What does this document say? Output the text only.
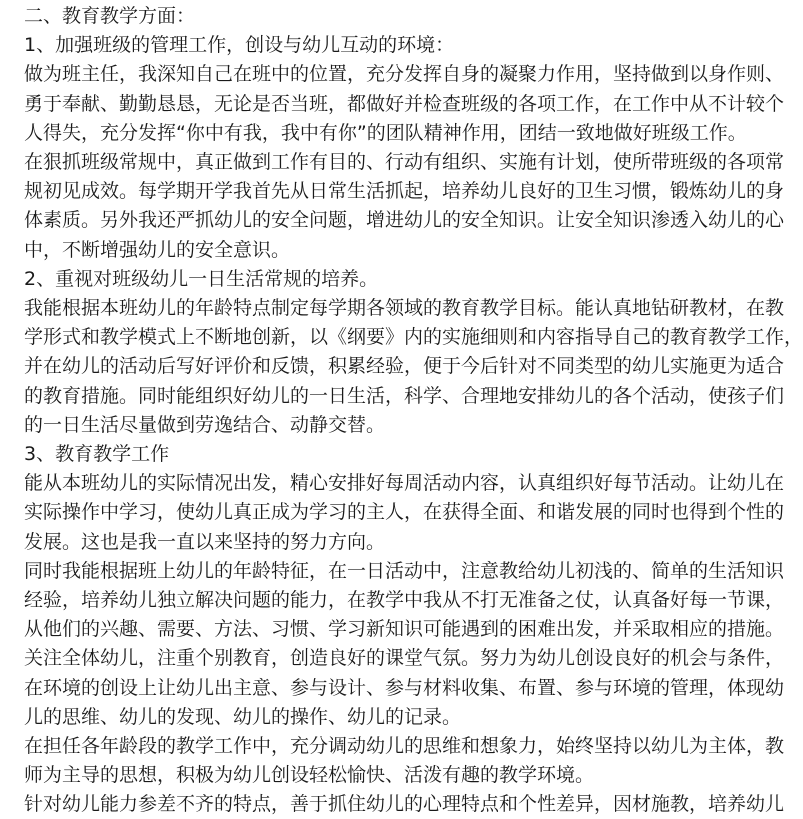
二、教育教学方面：
1、加强班级的管理工作，创设与幼儿互动的环境：
做为班主任，我深知自己在班中的位置，充分发挥自身的凝聚力作用，坚持做到以身作则、
勇于奉献、勤勤恳恳，无论是否当班，都做好并检查班级的各项工作，在工作中从不计较个
人得失，充分发挥“你中有我，我中有你”的团队精神作用，团结一致地做好班级工作。
在狠抓班级常规中，真正做到工作有目的、行动有组织、实施有计划，使所带班级的各项常
规初见成效。每学期开学我首先从日常生活抓起，培养幼儿良好的卫生习惯，锻炼幼儿的身
体素质。另外我还严抓幼儿的安全问题，增进幼儿的安全知识。让安全知识渗透入幼儿的心
中，不断增强幼儿的安全意识。
2、重视对班级幼儿一日生活常规的培养。
我能根据本班幼儿的年龄特点制定每学期各领域的教育教学目标。能认真地钻研教材，在教
学形式和教学模式上不断地创新，以《纲要》内的实施细则和内容指导自己的教育教学工作，
并在幼儿的活动后写好评价和反馈，积累经验，便于今后针对不同类型的幼儿实施更为适合
的教育措施。同时能组织好幼儿的一日生活，科学、合理地安排幼儿的各个活动，使孩子们
的一日生活尽量做到劳逸结合、动静交替。
3、教育教学工作
能从本班幼儿的实际情况出发，精心安排好每周活动内容，认真组织好每节活动。让幼儿在
实际操作中学习，使幼儿真正成为学习的主人，在获得全面、和谐发展的同时也得到个性的
发展。这也是我一直以来坚持的努力方向。
同时我能根据班上幼儿的年龄特征，在一日活动中，注意教给幼儿初浅的、简单的生活知识
经验，培养幼儿独立解决问题的能力，在教学中我从不打无准备之仗，认真备好每一节课，
从他们的兴趣、需要、方法、习惯、学习新知识可能遇到的困难出发，并采取相应的措施。
关注全体幼儿，注重个别教育，创造良好的课堂气氛。努力为幼儿创设良好的机会与条件，
在环境的创设上让幼儿出主意、参与设计、参与材料收集、布置、参与环境的管理，体现幼
儿的思维、幼儿的发现、幼儿的操作、幼儿的记录。
在担任各年龄段的教学工作中，充分调动幼儿的思维和想象力，始终坚持以幼儿为主体，教
师为主导的思想，积极为幼儿创设轻松愉快、活泼有趣的教学环境。
针对幼儿能力参差不齐的特点，善于抓住幼儿的心理特点和个性差异，因材施教，培养幼儿
